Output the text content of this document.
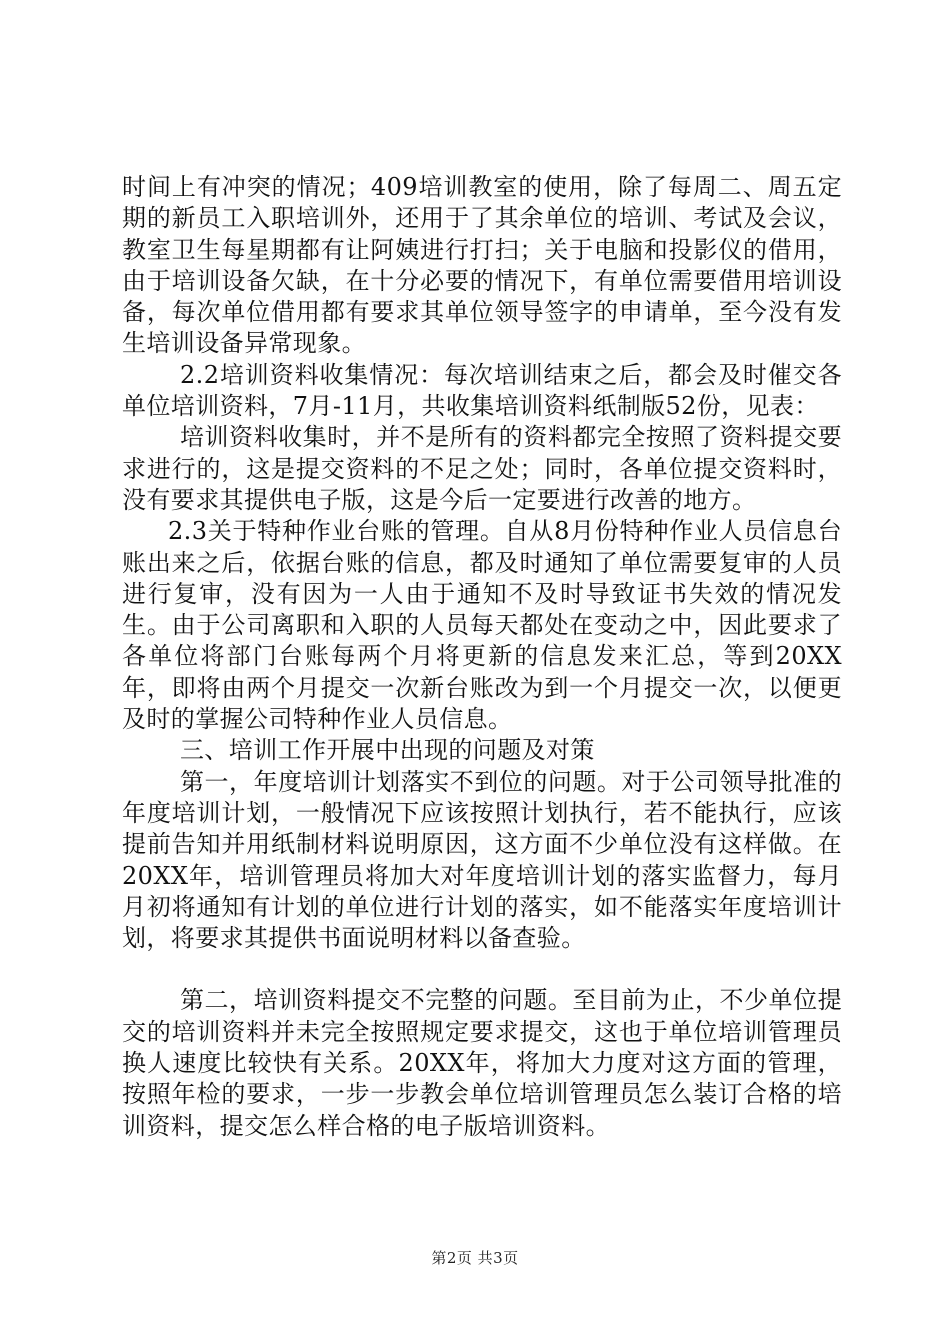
时间上有冲突的情况；409培训教室的使用，除了每周二、周五定期的新员工入职培训外，还用于了其余单位的培训、考试及会议，教室卫生每星期都有让阿姨进行打扫；关于电脑和投影仪的借用，由于培训设备欠缺，在十分必要的情况下，有单位需要借用培训设备，每次单位借用都有要求其单位领导签字的申请单，至今没有发生培训设备异常现象。

2.2培训资料收集情况：每次培训结束之后，都会及时催交各单位培训资料，7月-11月，共收集培训资料纸制版52份，见表：

培训资料收集时，并不是所有的资料都完全按照了资料提交要求进行的，这是提交资料的不足之处；同时，各单位提交资料时，没有要求其提供电子版，这是今后一定要进行改善的地方。

2.3关于特种作业台账的管理。自从8月份特种作业人员信息台账出来之后，依据台账的信息，都及时通知了单位需要复审的人员进行复审，没有因为一人由于通知不及时导致证书失效的情况发生。由于公司离职和入职的人员每天都处在变动之中，因此要求了各单位将部门台账每两个月将更新的信息发来汇总，等到20XX年，即将由两个月提交一次新台账改为到一个月提交一次，以便更及时的掌握公司特种作业人员信息。

三、培训工作开展中出现的问题及对策

第一，年度培训计划落实不到位的问题。对于公司领导批准的年度培训计划，一般情况下应该按照计划执行，若不能执行，应该提前告知并用纸制材料说明原因，这方面不少单位没有这样做。在20XX年，培训管理员将加大对年度培训计划的落实监督力，每月月初将通知有计划的单位进行计划的落实，如不能落实年度培训计划，将要求其提供书面说明材料以备查验。

第二，培训资料提交不完整的问题。至目前为止，不少单位提交的培训资料并未完全按照规定要求提交，这也于单位培训管理员换人速度比较快有关系。20XX年，将加大力度对这方面的管理，按照年检的要求，一步一步教会单位培训管理员怎么装订合格的培训资料，提交怎么样合格的电子版培训资料。

第2页 共3页
